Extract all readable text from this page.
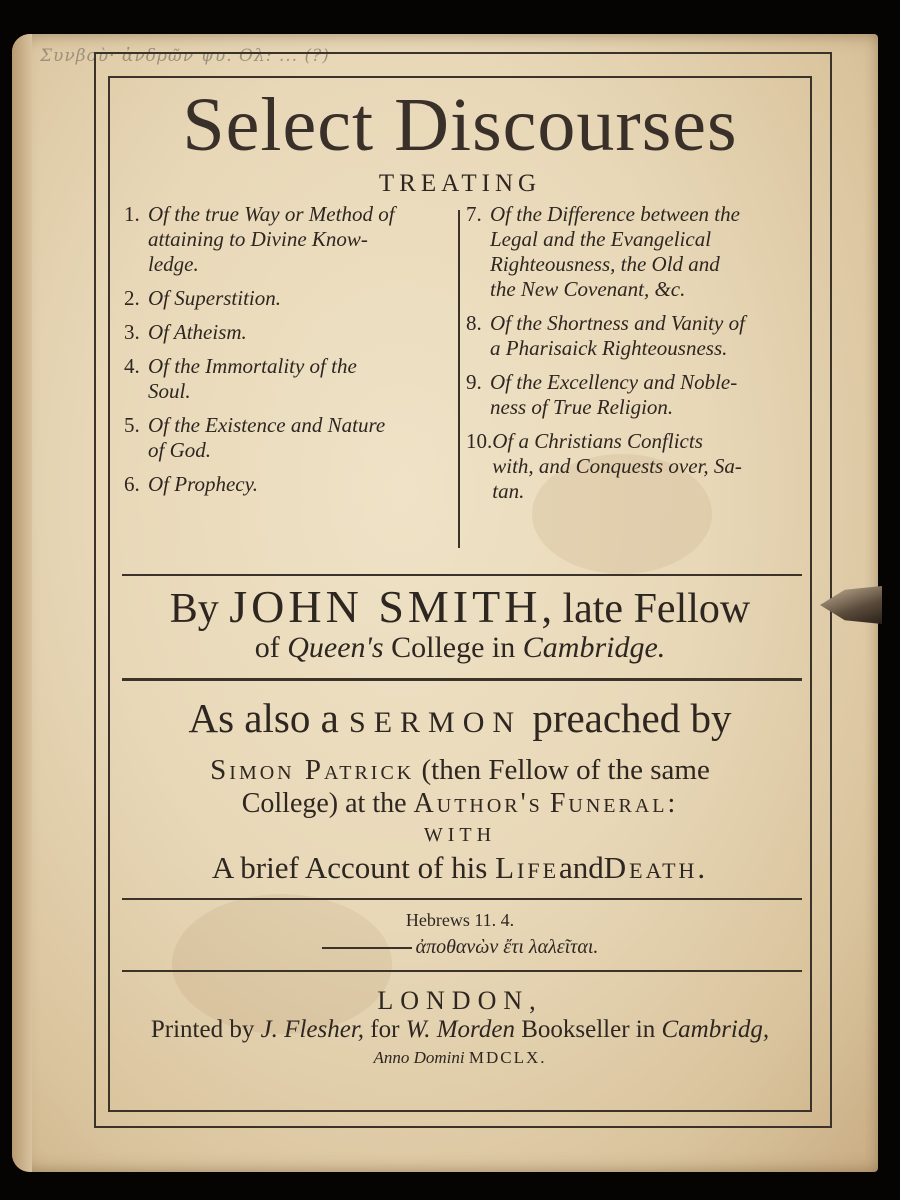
Συνβοὺ· ἀνδρῶν ψυ. Ολ: ... (?)
Select Discourses
TREATING
1. Of the true Way or Method of
attaining to Divine Know-
ledge.
2. Of Superstition.
3. Of Atheism.
4. Of the Immortality of the
Soul.
5. Of the Existence and Nature
of God.
6. Of Prophecy.
7. Of the Difference between the
Legal and the Evangelical
Righteousness, the Old and
the New Covenant, &c.
8. Of the Shortness and Vanity of
a Pharisaick Righteousness.
9. Of the Excellency and Noble-
ness of True Religion.
10. Of a Christians Conflicts
with, and Conquests over, Sa-
tan.
By JOHN SMITH, late Fellow
of Queen's College in Cambridge.
As also a SERMON preached by
Simon Patrick (then Fellow of the same
College) at the Author's Funeral:
WITH
A brief Account of his LifeandDeath.
Hebrews 11. 4.
ἀποθανὼν ἔτι λαλεῖται.
LONDON,
Printed by J. Flesher, for W. Morden Bookseller in Cambridg,
Anno Domini MDCLX.
